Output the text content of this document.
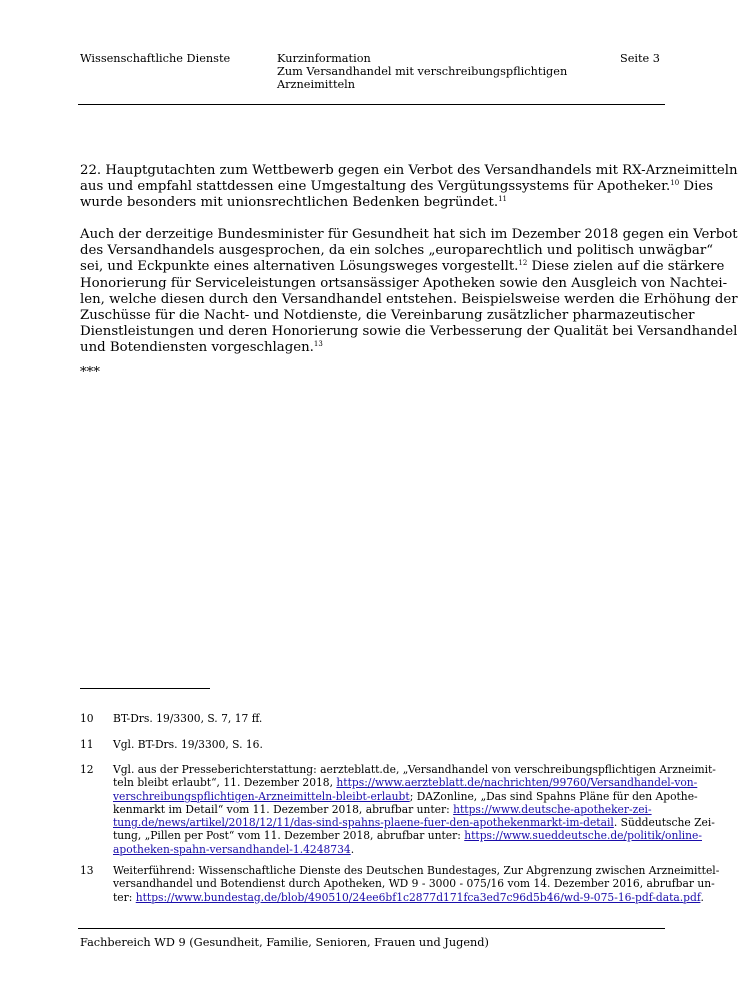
Wissenschaftliche Dienste	Kurzinformation
Zum Versandhandel mit verschreibungspflichtigen
Arzneimitteln
Seite 3
22. Hauptgutachten zum Wettbewerb gegen ein Verbot des Versandhandels mit RX-Arzneimitteln
aus und empfahl stattdessen eine Umgestaltung des Vergütungssystems für Apotheker.$^{10}$ Dies
wurde besonders mit unionsrechtlichen Bedenken begründet.$^{11}$
Auch der derzeitige Bundesminister für Gesundheit hat sich im Dezember 2018 gegen ein Verbot
des Versandhandels ausgesprochen, da ein solches „europarechtlich und politisch unwägbar“
sei, und Eckpunkte eines alternativen Lösungsweges vorgestellt.$^{12}$ Diese zielen auf die stärkere
Honorierung für Serviceleistungen ortsansässiger Apotheken sowie den Ausgleich von Nachtei-
len, welche diesen durch den Versandhandel entstehen. Beispielsweise werden die Erhöhung der
Zuschüsse für die Nacht- und Notdienste, die Vereinbarung zusätzlicher pharmazeutischer
Dienstleistungen und deren Honorierung sowie die Verbesserung der Qualität bei Versandhandel
und Botendiensten vorgeschlagen.$^{13}$
***
10 BT-Drs. 19/3300, S. 7, 17 ff.
11 Vgl. BT-Drs. 19/3300, S. 16.
12 Vgl. aus der Presseberichterstattung: aerzteblatt.de, „Versandhandel von verschreibungspflichtigen Arzneimit-
teln bleibt erlaubt“, 11. Dezember 2018, https://www.aerzteblatt.de/nachrichten/99760/Versandhandel-von-
verschreibungspflichtigen-Arzneimitteln-bleibt-erlaubt; DAZonline, „Das sind Spahns Pläne für den Apothe-
kenmarkt im Detail“ vom 11. Dezember 2018, abrufbar unter: https://www.deutsche-apotheker-zei-
tung.de/news/artikel/2018/12/11/das-sind-spahns-plaene-fuer-den-apothekenmarkt-im-detail. Süddeutsche Zei-
tung, „Pillen per Post“ vom 11. Dezember 2018, abrufbar unter: https://www.sueddeutsche.de/politik/online-
apotheken-spahn-versandhandel-1.4248734.
13 Weiterführend: Wissenschaftliche Dienste des Deutschen Bundestages, Zur Abgrenzung zwischen Arzneimittel-
versandhandel und Botendienst durch Apotheken, WD 9 - 3000 - 075/16 vom 14. Dezember 2016, abrufbar un-
ter: https://www.bundestag.de/blob/490510/24ee6bf1c2877d171fca3ed7c96d5b46/wd-9-075-16-pdf-data.pdf.
Fachbereich WD 9 (Gesundheit, Familie, Senioren, Frauen und Jugend)
